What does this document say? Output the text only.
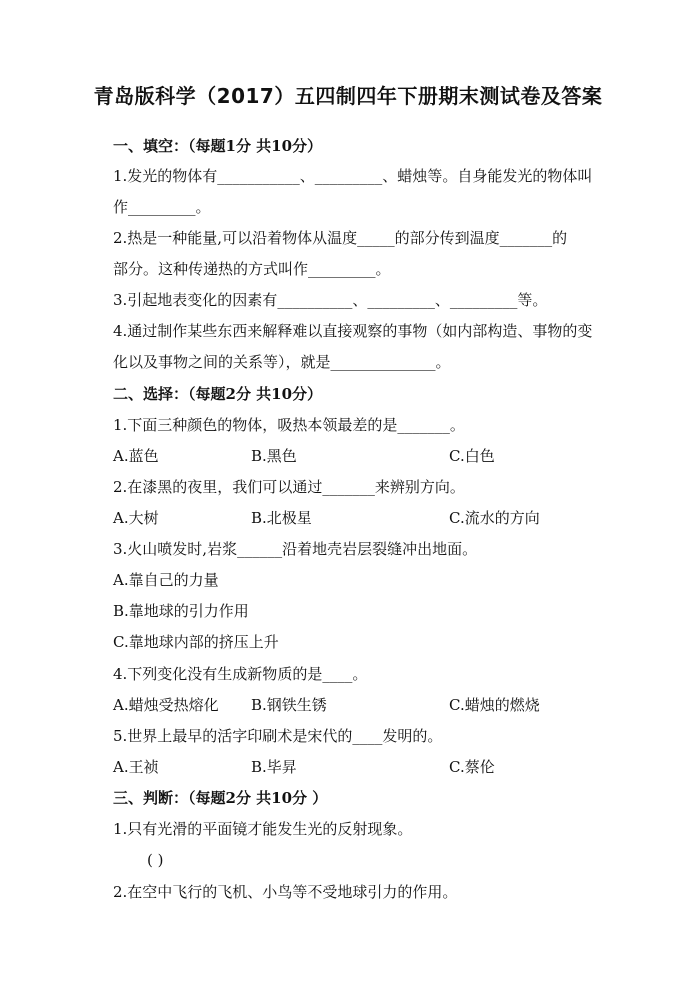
青岛版科学（2017）五四制四年下册期末测试卷及答案
一、填空：（每题1分 共10分）
1.发光的物体有___________、_________、蜡烛等。自身能发光的物体叫
作_________。
2.热是一种能量,可以沿着物体从温度_____的部分传到温度_______的
部分。这种传递热的方式叫作_________。
3.引起地表变化的因素有__________、_________、_________等。
4.通过制作某些东西来解释难以直接观察的事物（如内部构造、事物的变
化以及事物之间的关系等），就是______________。
二、选择：（每题2分 共10分）
1.下面三种颜色的物体，吸热本领最差的是_______。
A.蓝色	B.黑色	C.白色
2.在漆黑的夜里，我们可以通过_______来辨别方向。
A.大树	B.北极星	C.流水的方向
3.火山喷发时,岩浆______沿着地壳岩层裂缝冲出地面。
A.靠自己的力量
B.靠地球的引力作用
C.靠地球内部的挤压上升
4.下列变化没有生成新物质的是____。
A.蜡烛受热熔化 B.钢铁生锈	C.蜡烛的燃烧
5.世界上最早的活字印刷术是宋代的____发明的。
A.王祯	B.毕昇	C.蔡伦
三、判断：（每题2分 共10分 ）
1.只有光滑的平面镜才能发生光的反射现象。
( )
2.在空中飞行的飞机、小鸟等不受地球引力的作用。
